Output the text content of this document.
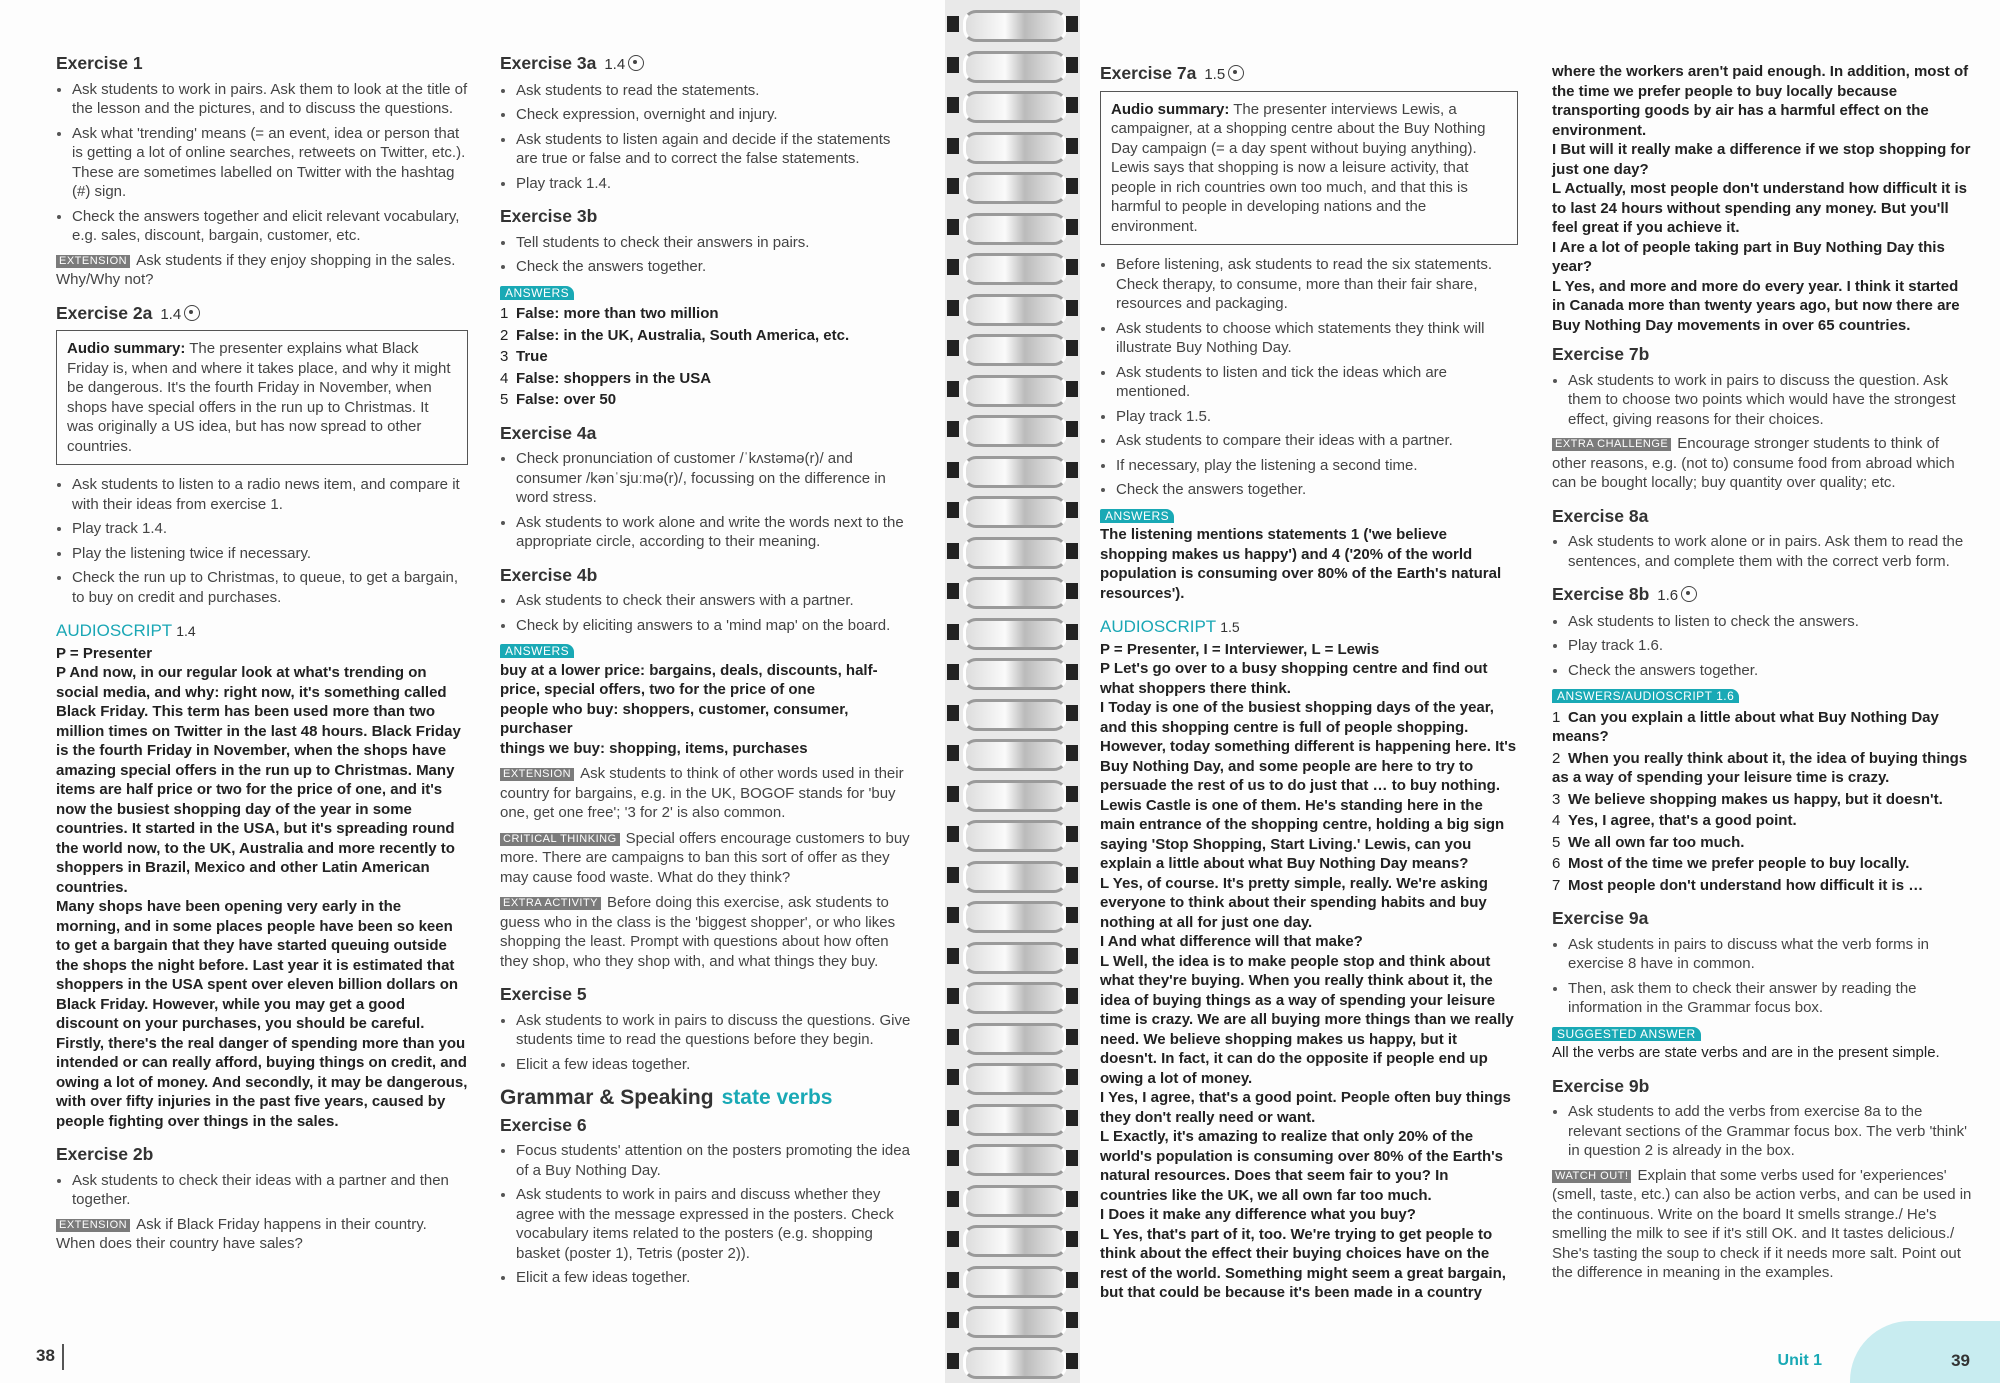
Exercise 1
• Ask students to work in pairs. Ask them to look at the title of the lesson and the pictures, and to discuss the questions.
• Ask what 'trending' means (= an event, idea or person that is getting a lot of online searches, retweets on Twitter, etc.). These are sometimes labelled on Twitter with the hashtag (#) sign.
• Check the answers together and elicit relevant vocabulary, e.g. sales, discount, bargain, customer, etc.
EXTENSION Ask students if they enjoy shopping in the sales. Why/Why not?
Exercise 2a 1.4
Audio summary: The presenter explains what Black Friday is, when and where it takes place, and why it might be dangerous. It's the fourth Friday in November, when shops have special offers in the run up to Christmas. It was originally a US idea, but has now spread to other countries.
• Ask students to listen to a radio news item, and compare it with their ideas from exercise 1.
• Play track 1.4.
• Play the listening twice if necessary.
• Check the run up to Christmas, to queue, to get a bargain, to buy on credit and purchases.
AUDIOSCRIPT 1.4

P = Presenter

P And now, in our regular look at what's trending on social media, and why: right now, it's something called Black Friday. This term has been used more than two million times on Twitter in the last 48 hours. Black Friday is the fourth Friday in November, when the shops have amazing special offers in the run up to Christmas. Many items are half price or two for the price of one, and it's now the busiest shopping day of the year in some countries. It started in the USA, but it's spreading round the world now, to the UK, Australia and more recently to shoppers in Brazil, Mexico and other Latin American countries.

Many shops have been opening very early in the morning, and in some places people have been so keen to get a bargain that they have started queuing outside the shops the night before. Last year it is estimated that shoppers in the USA spent over eleven billion dollars on Black Friday. However, while you may get a good discount on your purchases, you should be careful. Firstly, there's the real danger of spending more than you intended or can really afford, buying things on credit, and owing a lot of money. And secondly, it may be dangerous, with over fifty injuries in the past five years, caused by people fighting over things in the sales.

Exercise 2b
• Ask students to check their ideas with a partner and then together.
EXTENSION Ask if Black Friday happens in their country. When does their country have sales?
Exercise 3a 1.4
• Ask students to read the statements.
• Check expression, overnight and injury.
• Ask students to listen again and decide if the statements are true or false and to correct the false statements.
• Play track 1.4.
Exercise 3b
• Tell students to check their answers in pairs.
• Check the answers together.
ANSWERS
1 False: more than two million
2 False: in the UK, Australia, South America, etc.
3 True
4 False: shoppers in the USA
5 False: over 50
Exercise 4a
• Check pronunciation of customer /ˈkʌstəmə(r)/ and consumer /kənˈsjuːmə(r)/, focussing on the difference in word stress.
• Ask students to work alone and write the words next to the appropriate circle, according to their meaning.
Exercise 4b
• Ask students to check their answers with a partner.
• Check by eliciting answers to a 'mind map' on the board.
ANSWERS
buy at a lower price: bargains, deals, discounts, half-price, special offers, two for the price of one
people who buy: shoppers, customer, consumer, purchaser
things we buy: shopping, items, purchases
EXTENSION Ask students to think of other words used in their country for bargains, e.g. in the UK, BOGOF stands for 'buy one, get one free'; '3 for 2' is also common.
CRITICAL THINKING Special offers encourage customers to buy more. There are campaigns to ban this sort of offer as they may cause food waste. What do they think?
EXTRA ACTIVITY Before doing this exercise, ask students to guess who in the class is the 'biggest shopper', or who likes shopping the least. Prompt with questions about how often they shop, who they shop with, and what things they buy.
Exercise 5
• Ask students to work in pairs to discuss the questions. Give students time to read the questions before they begin.
• Elicit a few ideas together.
Grammar & Speaking state verbs
Exercise 6
• Focus students' attention on the posters promoting the idea of a Buy Nothing Day.
• Ask students to work in pairs and discuss whether they agree with the message expressed in the posters. Check vocabulary items related to the posters (e.g. shopping basket (poster 1), Tetris (poster 2)).
• Elicit a few ideas together.
38
Exercise 7a 1.5
Audio summary: The presenter interviews Lewis, a campaigner, at a shopping centre about the Buy Nothing Day campaign (= a day spent without buying anything). Lewis says that shopping is now a leisure activity, that people in rich countries own too much, and that this is harmful to people in developing nations and the environment.
• Before listening, ask students to read the six statements. Check therapy, to consume, more than their fair share, resources and packaging.
• Ask students to choose which statements they think will illustrate Buy Nothing Day.
• Ask students to listen and tick the ideas which are mentioned.
• Play track 1.5.
• Ask students to compare their ideas with a partner.
• If necessary, play the listening a second time.
• Check the answers together.
ANSWERS
The listening mentions statements 1 ('we believe shopping makes us happy') and 4 ('20% of the world population is consuming over 80% of the Earth's natural resources').
AUDIOSCRIPT 1.5

P = Presenter, I = Interviewer, L = Lewis

P Let's go over to a busy shopping centre and find out what shoppers there think.

I Today is one of the busiest shopping days of the year, and this shopping centre is full of people shopping. However, today something different is happening here. It's Buy Nothing Day, and some people are here to try to persuade the rest of us to do just that … to buy nothing. Lewis Castle is one of them. He's standing here in the main entrance of the shopping centre, holding a big sign saying 'Stop Shopping, Start Living.' Lewis, can you explain a little about what Buy Nothing Day means?

L Yes, of course. It's pretty simple, really. We're asking everyone to think about their spending habits and buy nothing at all for just one day.

I And what difference will that make?

L Well, the idea is to make people stop and think about what they're buying. When you really think about it, the idea of buying things as a way of spending your leisure time is crazy. We are all buying more things than we really need. We believe shopping makes us happy, but it doesn't. In fact, it can do the opposite if people end up owing a lot of money.

I Yes, I agree, that's a good point. People often buy things they don't really need or want.

L Exactly, it's amazing to realize that only 20% of the world's population is consuming over 80% of the Earth's natural resources. Does that seem fair to you? In countries like the UK, we all own far too much.

I Does it make any difference what you buy?

L Yes, that's part of it, too. We're trying to get people to think about the effect their buying choices have on the rest of the world. Something might seem a great bargain, but that could be because it's been made in a country

where the workers aren't paid enough. In addition, most of the time we prefer people to buy locally because transporting goods by air has a harmful effect on the environment.

I But will it really make a difference if we stop shopping for just one day?

L Actually, most people don't understand how difficult it is to last 24 hours without spending any money. But you'll feel great if you achieve it.

I Are a lot of people taking part in Buy Nothing Day this year?

L Yes, and more and more do every year. I think it started in Canada more than twenty years ago, but now there are Buy Nothing Day movements in over 65 countries.

Exercise 7b
• Ask students to work in pairs to discuss the question. Ask them to choose two points which would have the strongest effect, giving reasons for their choices.
EXTRA CHALLENGE Encourage stronger students to think of other reasons, e.g. (not to) consume food from abroad which can be bought locally; buy quantity over quality; etc.
Exercise 8a
• Ask students to work alone or in pairs. Ask them to read the sentences, and complete them with the correct verb form.
Exercise 8b 1.6
• Ask students to listen to check the answers.
• Play track 1.6.
• Check the answers together.
ANSWERS/AUDIOSCRIPT 1.6
1 Can you explain a little about what Buy Nothing Day means?
2 When you really think about it, the idea of buying things as a way of spending your leisure time is crazy.
3 We believe shopping makes us happy, but it doesn't.
4 Yes, I agree, that's a good point.
5 We all own far too much.
6 Most of the time we prefer people to buy locally.
7 Most people don't understand how difficult it is …
Exercise 9a
• Ask students in pairs to discuss what the verb forms in exercise 8 have in common.
• Then, ask them to check their answer by reading the information in the Grammar focus box.
SUGGESTED ANSWER
All the verbs are state verbs and are in the present simple.
Exercise 9b
• Ask students to add the verbs from exercise 8a to the relevant sections of the Grammar focus box. The verb 'think' in question 2 is already in the box.
WATCH OUT! Explain that some verbs used for 'experiences' (smell, taste, etc.) can also be action verbs, and can be used in the continuous. Write on the board It smells strange./ He's smelling the milk to see if it's still OK. and It tastes delicious./ She's tasting the soup to check if it needs more salt. Point out the difference in meaning in the examples.
Unit 1	39
